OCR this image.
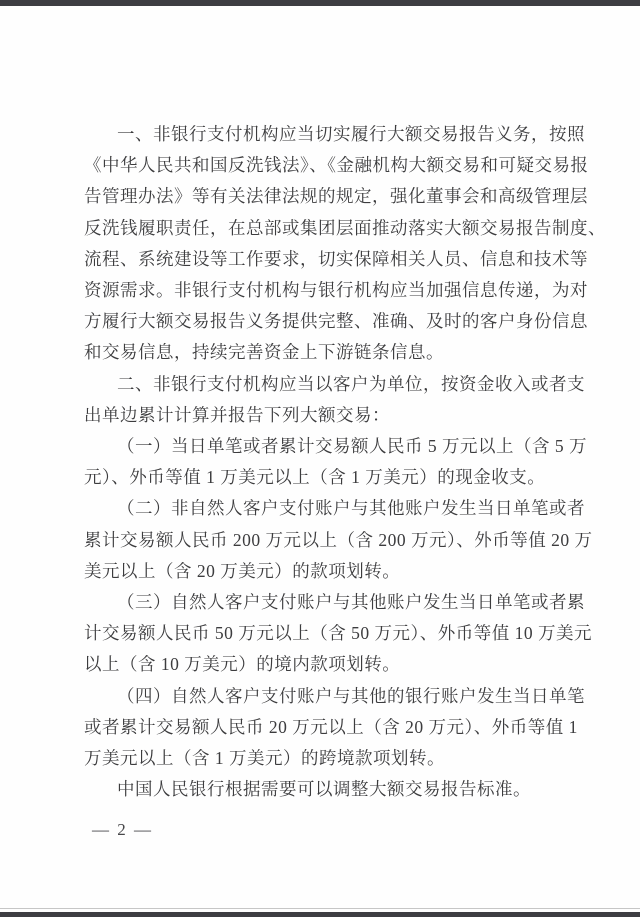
一、非银行支付机构应当切实履行大额交易报告义务，按照
《中华人民共和国反洗钱法》、《金融机构大额交易和可疑交易报
告管理办法》等有关法律法规的规定，强化董事会和高级管理层
反洗钱履职责任，在总部或集团层面推动落实大额交易报告制度、
流程、系统建设等工作要求，切实保障相关人员、信息和技术等
资源需求。非银行支付机构与银行机构应当加强信息传递，为对
方履行大额交易报告义务提供完整、准确、及时的客户身份信息
和交易信息，持续完善资金上下游链条信息。
二、非银行支付机构应当以客户为单位，按资金收入或者支
出单边累计计算并报告下列大额交易：
（一）当日单笔或者累计交易额人民币 5 万元以上（含 5 万
元）、外币等值 1 万美元以上（含 1 万美元）的现金收支。
（二）非自然人客户支付账户与其他账户发生当日单笔或者
累计交易额人民币 200 万元以上（含 200 万元）、外币等值 20 万
美元以上（含 20 万美元）的款项划转。
（三）自然人客户支付账户与其他账户发生当日单笔或者累
计交易额人民币 50 万元以上（含 50 万元）、外币等值 10 万美元
以上（含 10 万美元）的境内款项划转。
（四）自然人客户支付账户与其他的银行账户发生当日单笔
或者累计交易额人民币 20 万元以上（含 20 万元）、外币等值 1
万美元以上（含 1 万美元）的跨境款项划转。
中国人民银行根据需要可以调整大额交易报告标准。
— 2 —
